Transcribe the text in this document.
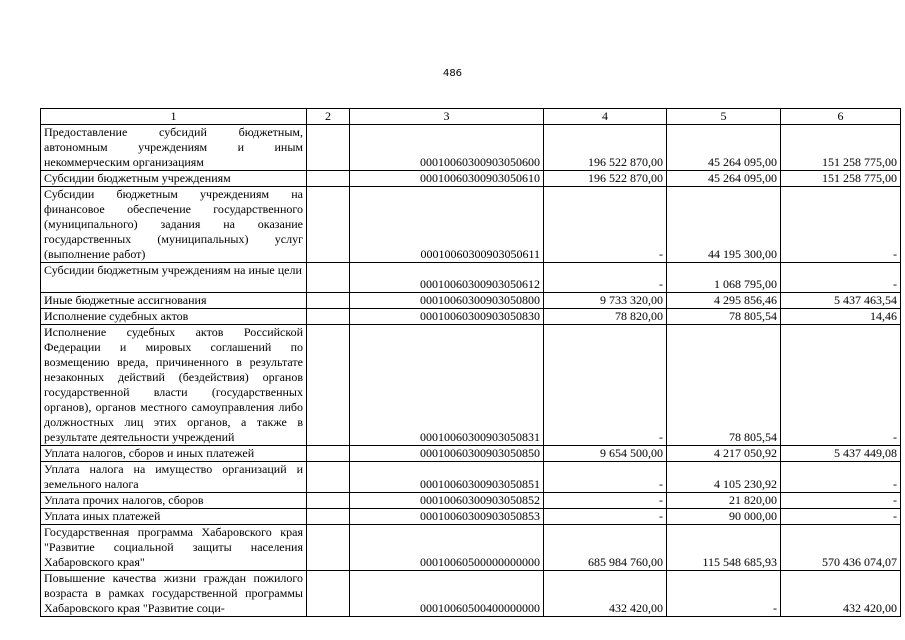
486
1	2	3	4	5	6
Предоставление субсидий бюджетным, автономным учреждениям и иным некоммерческим организациям		00010060300903050600	196 522 870,00	45 264 095,00	151 258 775,00
Субсидии бюджетным учреждениям		00010060300903050610	196 522 870,00	45 264 095,00	151 258 775,00
Субсидии бюджетным учреждениям на финансовое обеспечение государственного (муниципального) задания на оказание государственных (муниципальных) услуг (выполнение работ)		00010060300903050611	-	44 195 300,00	-
Субсидии бюджетным учреждениям на иные цели		00010060300903050612	-	1 068 795,00	-
Иные бюджетные ассигнования		00010060300903050800	9 733 320,00	4 295 856,46	5 437 463,54
Исполнение судебных актов		00010060300903050830	78 820,00	78 805,54	14,46
Исполнение судебных актов Российской Федерации и мировых соглашений по возмещению вреда, причиненного в результате незаконных действий (бездействия) органов государственной власти (государственных органов), органов местного самоуправления либо должностных лиц этих органов, а также в результате деятельности учреждений		00010060300903050831	-	78 805,54	-
Уплата налогов, сборов и иных платежей		00010060300903050850	9 654 500,00	4 217 050,92	5 437 449,08
Уплата налога на имущество организаций и земельного налога		00010060300903050851	-	4 105 230,92	-
Уплата прочих налогов, сборов		00010060300903050852	-	21 820,00	-
Уплата иных платежей		00010060300903050853	-	90 000,00	-
Государственная программа Хабаровского края "Развитие социальной защиты населения Хабаровского края"		00010060500000000000	685 984 760,00	115 548 685,93	570 436 074,07
Повышение качества жизни граждан пожилого возраста в рамках государственной программы Хабаровского края "Развитие соци-		00010060500400000000	432 420,00	-	432 420,00
